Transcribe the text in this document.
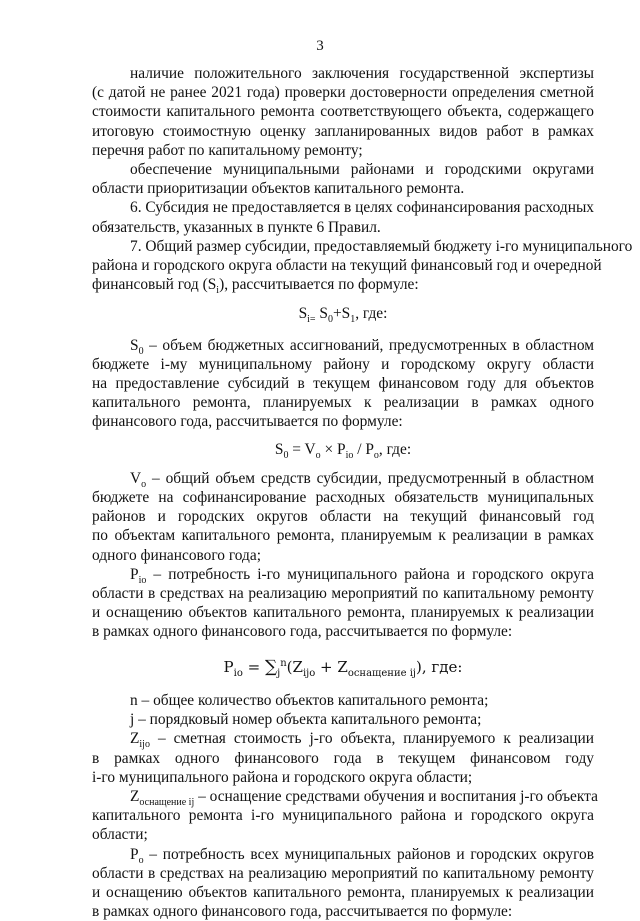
3
наличие положительного заключения государственной экспертизы
(с датой не ранее 2021 года) проверки достоверности определения сметной
стоимости капитального ремонта соответствующего объекта, содержащего
итоговую стоимостную оценку запланированных видов работ в рамках
перечня работ по капитальному ремонту;
обеспечение муниципальными районами и городскими округами
области приоритизации объектов капитального ремонта.
6. Субсидия не предоставляется в целях софинансирования расходных
обязательств, указанных в пункте 6 Правил.
7. Общий размер субсидии, предоставляемый бюджету i-го муниципального
района и городского округа области на текущий финансовый год и очередной
финансовый год $(S_i)$, рассчитывается по формуле:
$S_{i=}$ $S_0+S_1$, где:
$S_0$ – объем бюджетных ассигнований, предусмотренных в областном
бюджете i-му муниципальному району и городскому округу области
на предоставление субсидий в текущем финансовом году для объектов
капитального ремонта, планируемых к реализации в рамках одного
финансового года, рассчитывается по формуле:
$S_0 = V_o \times P_{io} / P_o$, где:
$V_o$ – общий объем средств субсидии, предусмотренный в областном
бюджете на софинансирование расходных обязательств муниципальных
районов и городских округов области на текущий финансовый год
по объектам капитального ремонта, планируемым к реализации в рамках
одного финансового года;
$P_{io}$ – потребность i-го муниципального района и городского округа
области в средствах на реализацию мероприятий по капитальному ремонту
и оснащению объектов капитального ремонта, планируемых к реализации
в рамках одного финансового года, рассчитывается по формуле:
$P_{io} = \sum_j^n(Z_{ijo} + Z_{оснащение ij})$, где:
n – общее количество объектов капитального ремонта;
j – порядковый номер объекта капитального ремонта;
$Z_{ijo}$ – сметная стоимость j-го объекта, планируемого к реализации
в рамках одного финансового года в текущем финансовом году
i-го муниципального района и городского округа области;
$Z_{оснащение ij}$ – оснащение средствами обучения и воспитания j-го объекта
капитального ремонта i-го муниципального района и городского округа
области;
$P_o$ – потребность всех муниципальных районов и городских округов
области в средствах на реализацию мероприятий по капитальному ремонту
и оснащению объектов капитального ремонта, планируемых к реализации
в рамках одного финансового года, рассчитывается по формуле:
